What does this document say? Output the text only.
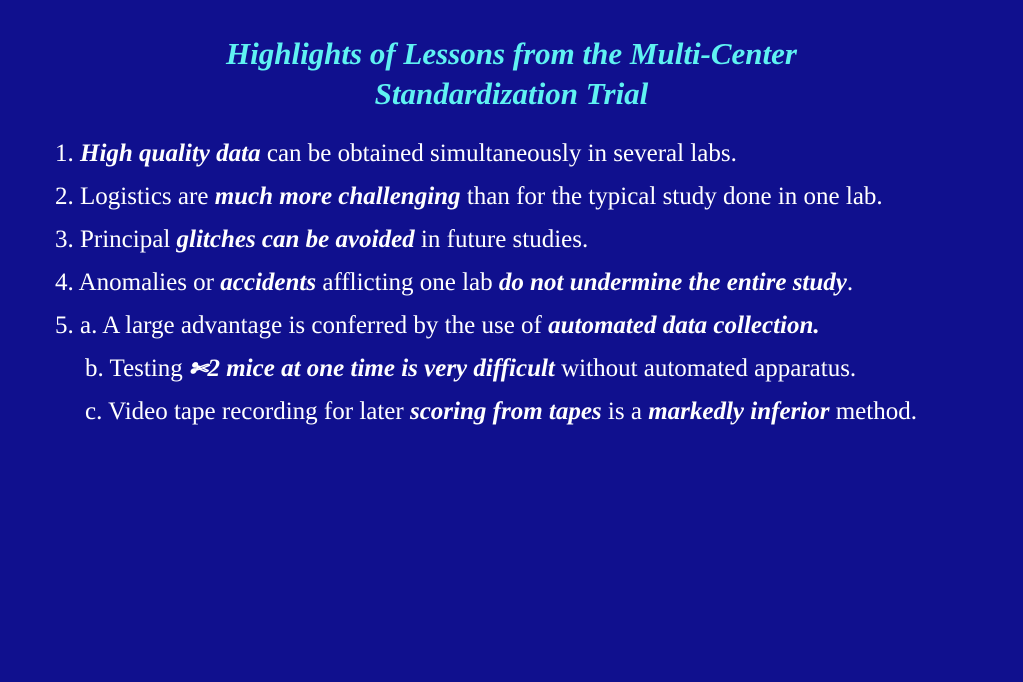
Highlights of Lessons from the Multi-Center
Standardization Trial
1. High quality data can be obtained simultaneously in several labs.
2. Logistics are much more challenging than for the typical study done in one lab.
3. Principal glitches can be avoided in future studies.
4. Anomalies or accidents afflicting one lab do not undermine the entire study.
5. a. A large advantage is conferred by the use of automated data collection.
b. Testing ✄2 mice at one time is very difficult without automated apparatus.
c. Video tape recording for later scoring from tapes is a markedly inferior method.
